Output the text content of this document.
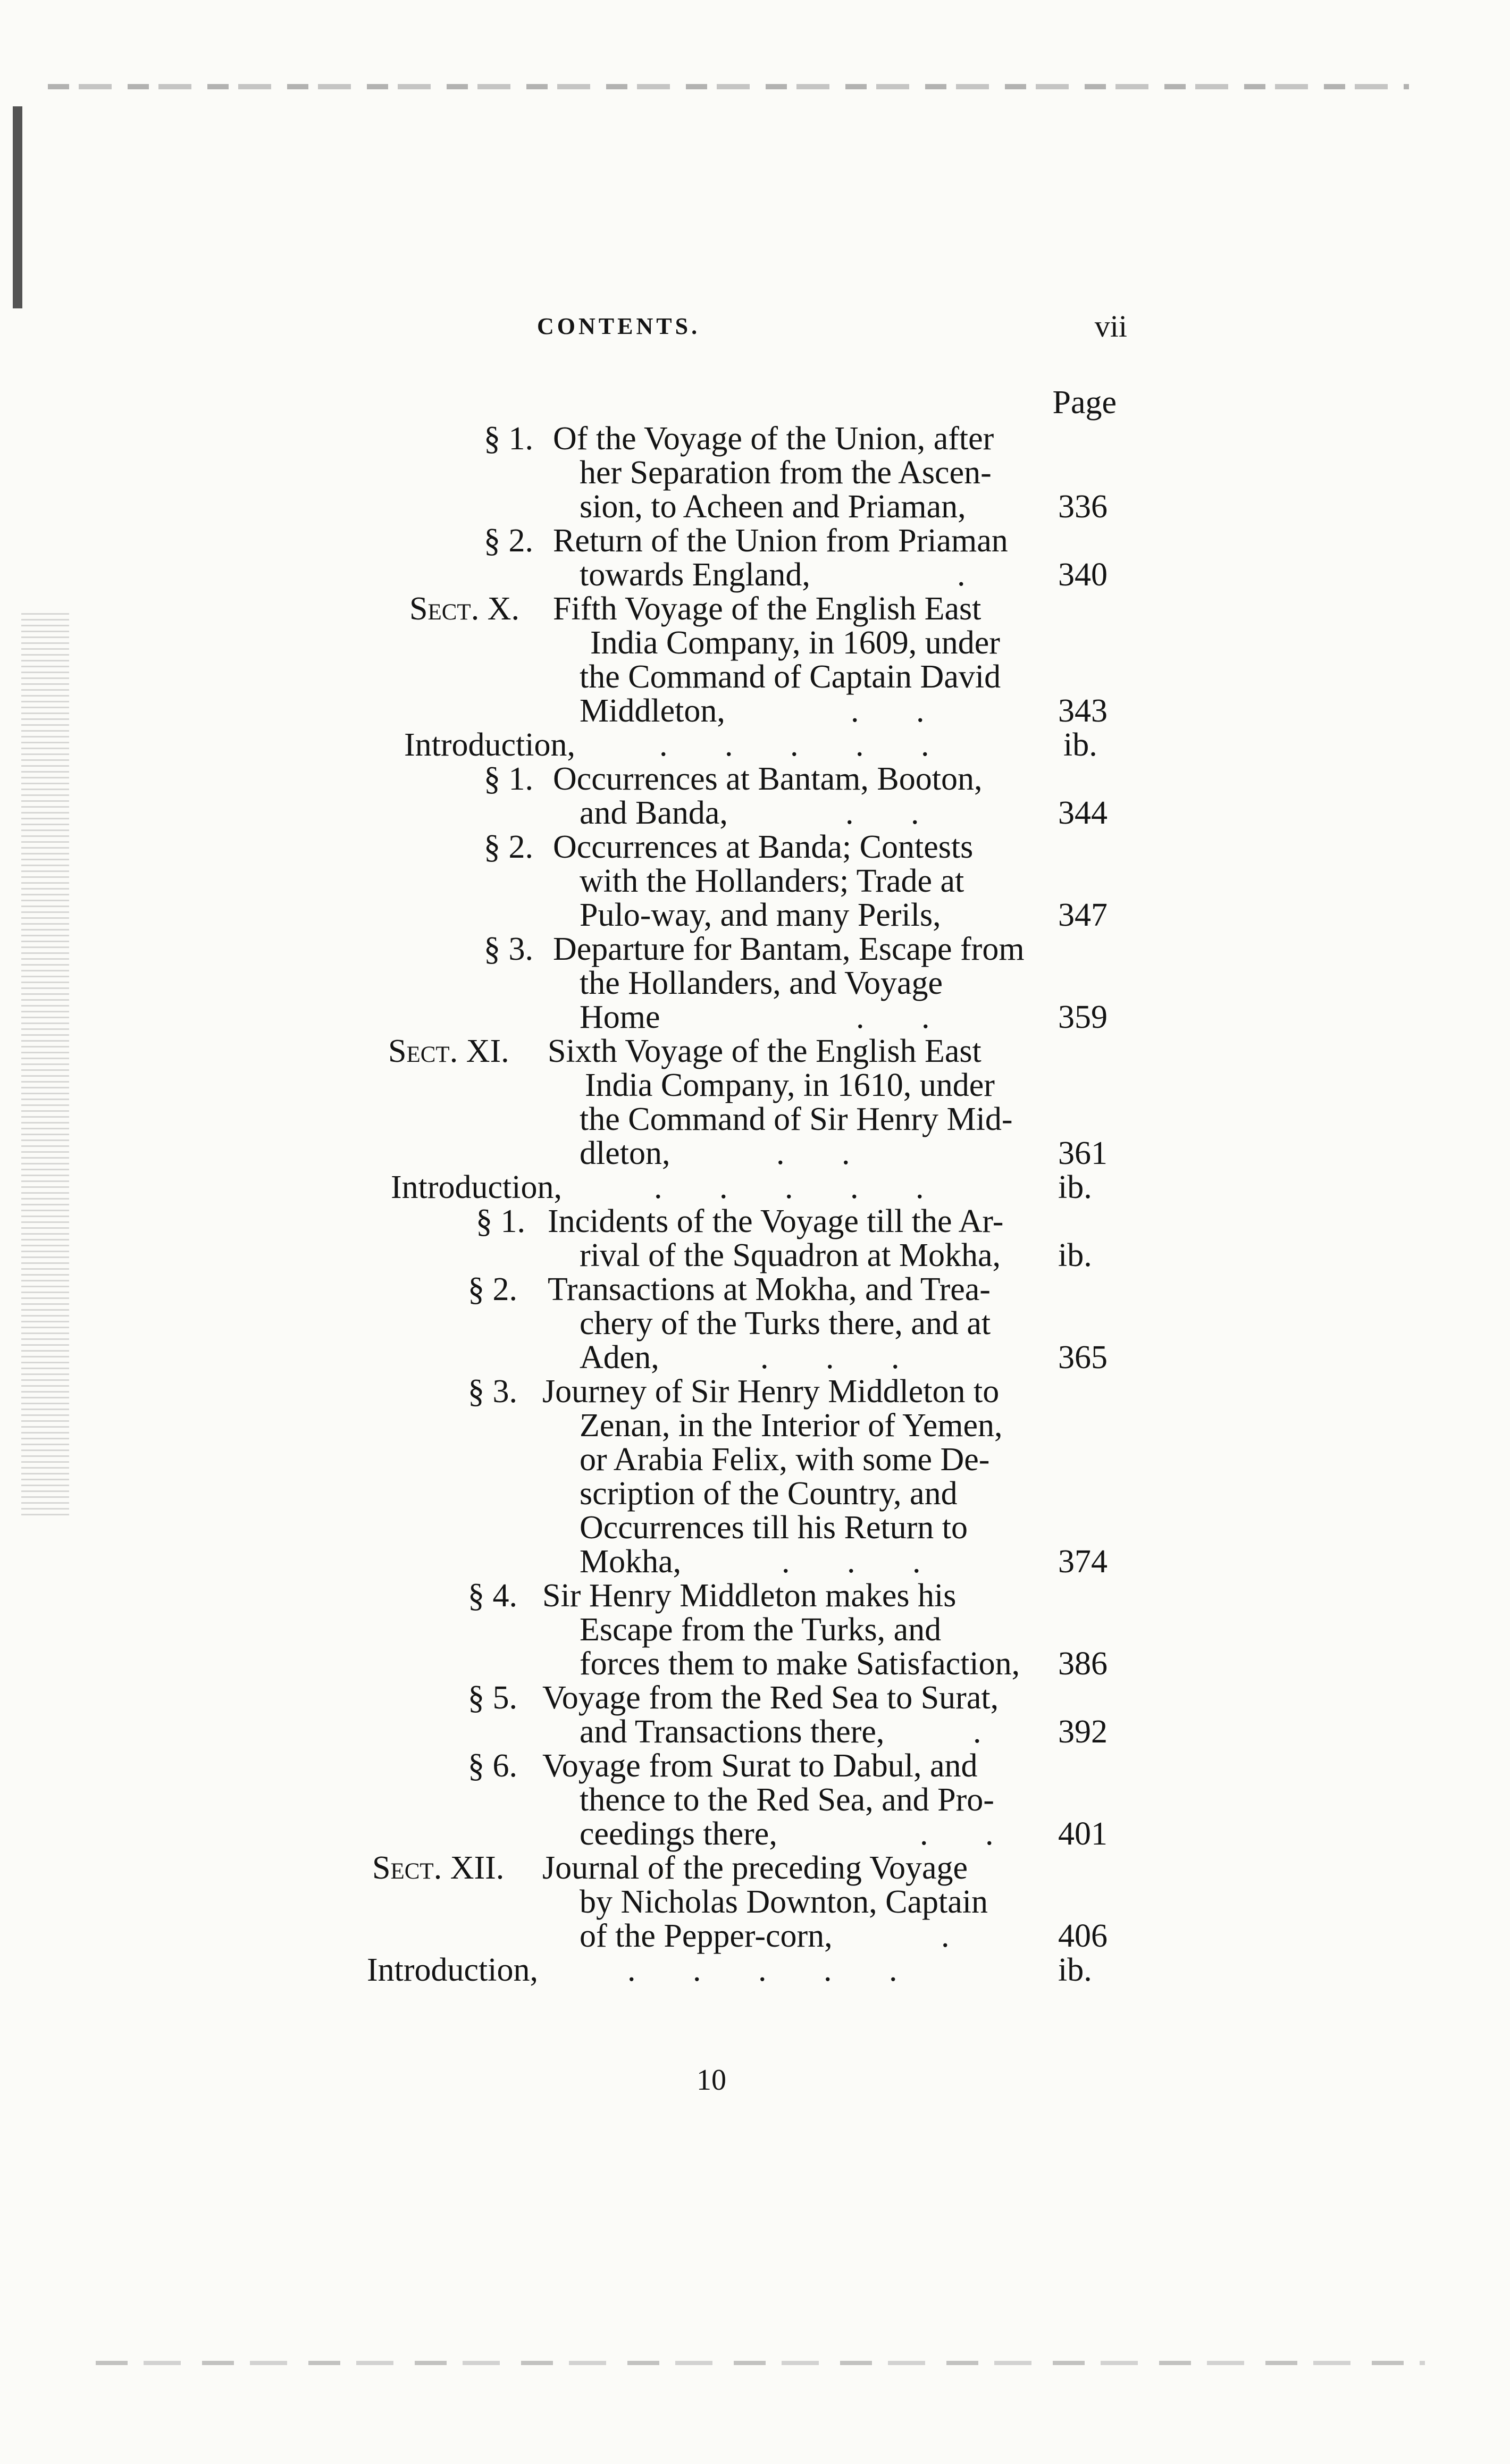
CONTENTS.	vii
Page
§ 1. Of the Voyage of the Union, after
her Separation from the Ascen-
sion, to Acheen and Priaman,	336
§ 2. Return of the Union from Priaman
towards England,	. 340
Sect. X. Fifth Voyage of the English East
India Company, in 1609, under
the Command of Captain David
Middleton,	. .	343
Introduction,	. . . . .	ib.
§ 1. Occurrences at Bantam, Booton,
and Banda,	. .	344
§ 2. Occurrences at Banda; Contests
with the Hollanders; Trade at
Pulo-way, and many Perils,	347
§ 3. Departure for Bantam, Escape from
the Hollanders, and Voyage
Home	. .	359
Sect. XI. Sixth Voyage of the English East
India Company, in 1610, under
the Command of Sir Henry Mid-
dleton,	. .	361
Introduction,	. . . . .	ib.
§ 1. Incidents of the Voyage till the Ar-
rival of the Squadron at Mokha, ib.
§ 2. Transactions at Mokha, and Trea-
chery of the Turks there, and at
Aden,	. . .	365
§ 3. Journey of Sir Henry Middleton to
Zenan, in the Interior of Yemen,
or Arabia Felix, with some De-
scription of the Country, and
Occurrences till his Return to
Mokha,	. . .	374
§ 4. Sir Henry Middleton makes his
Escape from the Turks, and
forces them to make Satisfaction, 386
§ 5. Voyage from the Red Sea to Surat,
and Transactions there,	. 392
§ 6. Voyage from Surat to Dabul, and
thence to the Red Sea, and Pro-
ceedings there,	. . 401
Sect. XII. Journal of the preceding Voyage
by Nicholas Downton, Captain
of the Pepper-corn,	.	406
Introduction,	. . . . .	ib.
10
